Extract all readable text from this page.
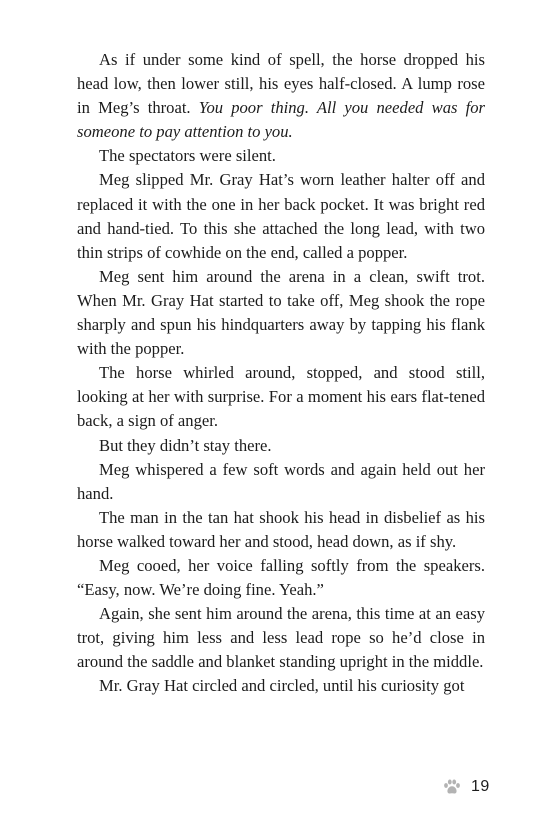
As if under some kind of spell, the horse dropped his head low, then lower still, his eyes half-closed. A lump rose in Meg’s throat. You poor thing. All you needed was for someone to pay attention to you.

The spectators were silent.

Meg slipped Mr. Gray Hat’s worn leather halter off and replaced it with the one in her back pocket. It was bright red and hand-tied. To this she attached the long lead, with two thin strips of cowhide on the end, called a popper.

Meg sent him around the arena in a clean, swift trot. When Mr. Gray Hat started to take off, Meg shook the rope sharply and spun his hindquarters away by tapping his flank with the popper.

The horse whirled around, stopped, and stood still, looking at her with surprise. For a moment his ears flat-tened back, a sign of anger.

But they didn’t stay there.

Meg whispered a few soft words and again held out her hand.

The man in the tan hat shook his head in disbelief as his horse walked toward her and stood, head down, as if shy.

Meg cooed, her voice falling softly from the speakers. “Easy, now. We’re doing fine. Yeah.”

Again, she sent him around the arena, this time at an easy trot, giving him less and less lead rope so he’d close in around the saddle and blanket standing upright in the middle.

Mr. Gray Hat circled and circled, until his curiosity got

19
